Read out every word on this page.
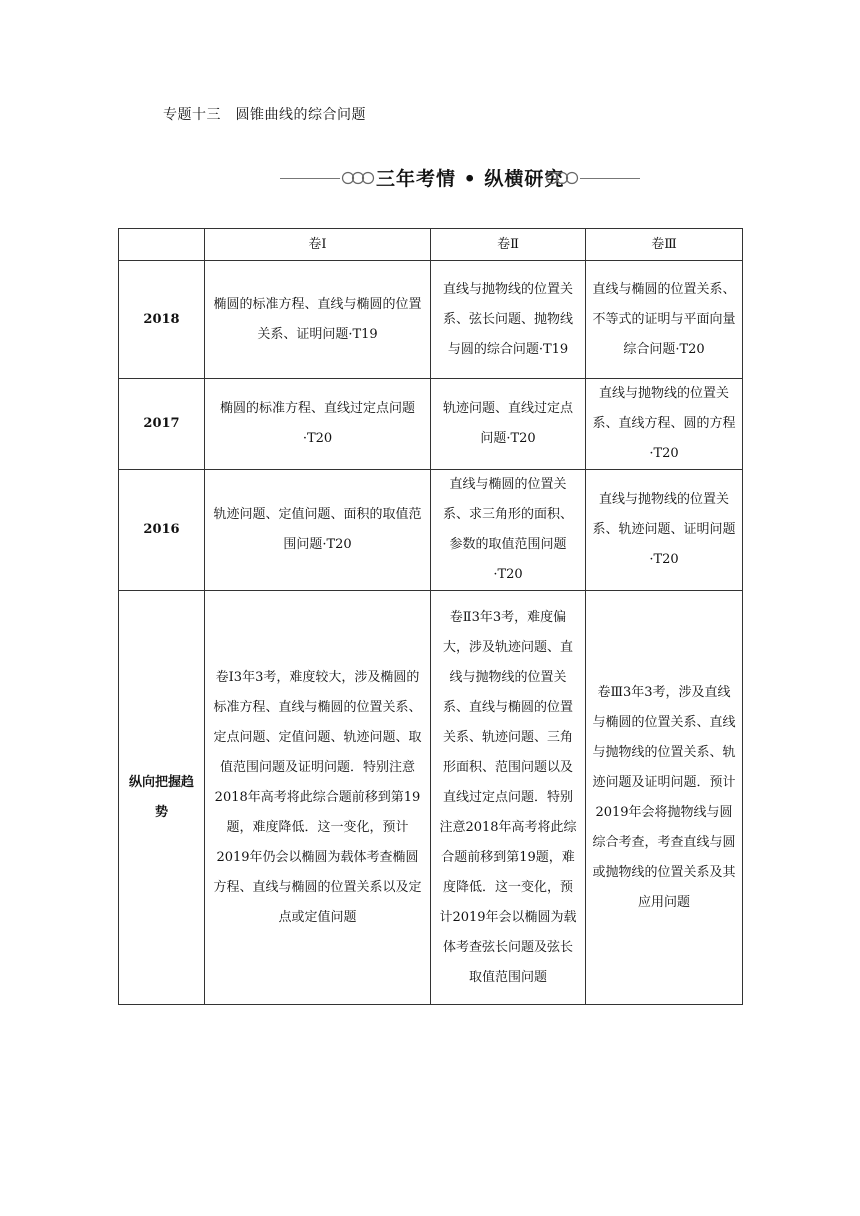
专题十三　圆锥曲线的综合问题
三年考情 • 纵横研究
	卷Ⅰ	卷Ⅱ	卷Ⅲ
2018	椭圆的标准方程、直线与椭圆的位置关系、证明问题·T19	直线与抛物线的位置关系、弦长问题、抛物线与圆的综合问题·T19	直线与椭圆的位置关系、不等式的证明与平面向量综合问题·T20
2017	椭圆的标准方程、直线过定点问题·T20	轨迹问题、直线过定点问题·T20	直线与抛物线的位置关系、直线方程、圆的方程·T20
2016	轨迹问题、定值问题、面积的取值范围问题·T20	直线与椭圆的位置关系、求三角形的面积、参数的取值范围问题·T20	直线与抛物线的位置关系、轨迹问题、证明问题·T20
纵向把握趋势	卷Ⅰ3年3考，难度较大，涉及椭圆的标准方程、直线与椭圆的位置关系、定点问题、定值问题、轨迹问题、取值范围问题及证明问题．特别注意2018年高考将此综合题前移到第19题，难度降低．这一变化，预计2019年仍会以椭圆为载体考查椭圆方程、直线与椭圆的位置关系以及定点或定值问题	卷Ⅱ3年3考，难度偏大，涉及轨迹问题、直线与抛物线的位置关系、直线与椭圆的位置关系、轨迹问题、三角形面积、范围问题以及直线过定点问题．特别注意2018年高考将此综合题前移到第19题，难度降低．这一变化，预计2019年会以椭圆为载体考查弦长问题及弦长取值范围问题	卷Ⅲ3年3考，涉及直线与椭圆的位置关系、直线与抛物线的位置关系、轨迹问题及证明问题．预计2019年会将抛物线与圆综合考查，考查直线与圆或抛物线的位置关系及其应用问题
